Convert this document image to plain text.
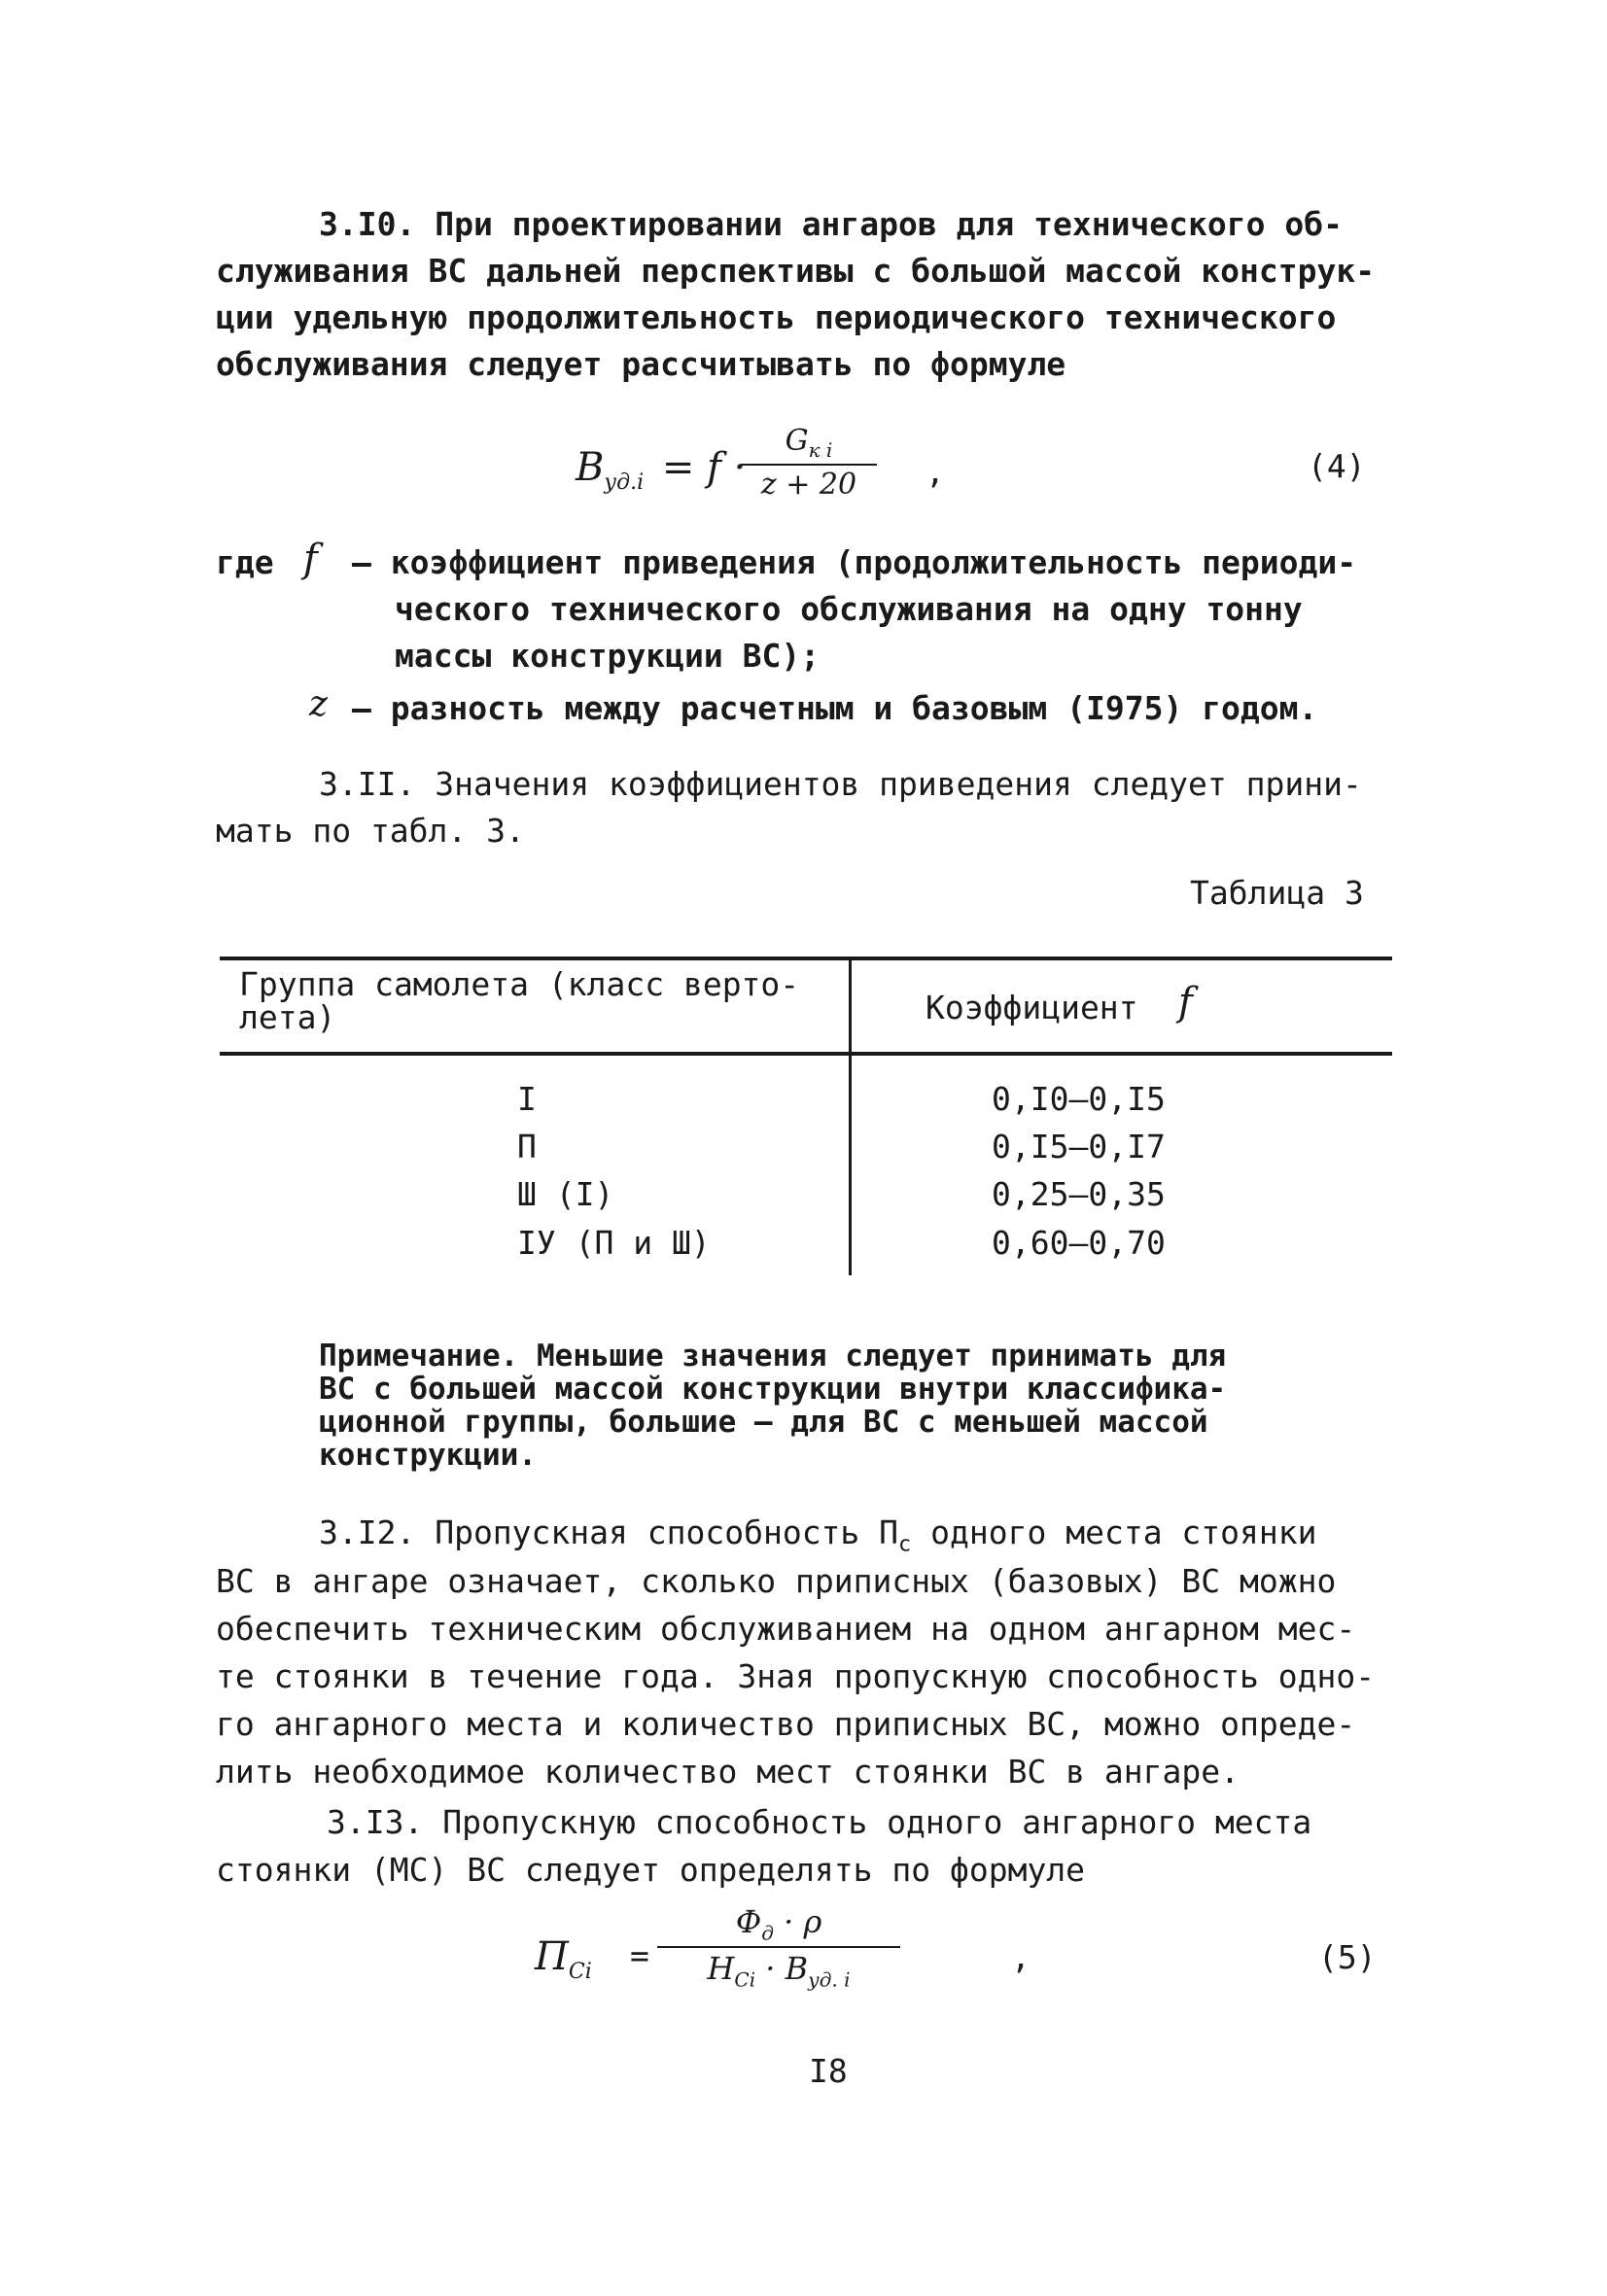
3.I0. При проектировании ангаров для технического об-
служивания ВС дальней перспективы с большой массой конструк-
ции удельную продолжительность периодического технического
обслуживания следует рассчитывать по формуле
$В_{уд.i} = f$ ·
$G_{к i}$
z + 20	,	(4)
где f – коэффициент приведения (продолжительность периоди-
ческого технического обслуживания на одну тонну
массы конструкции ВС);
z – разность между расчетным и базовым (I975) годом.
3.II. Значения коэффициентов приведения следует прини-
мать по табл. 3.
Таблица 3
Группа самолета (класс верто-
лета)	Коэффициент f
I	0,I0–0,I5
П	0,I5–0,I7
Ш (I)	0,25–0,35
IУ (П и Ш)	0,60–0,70
Примечание. Меньшие значения следует принимать для
ВС с большей массой конструкции внутри классифика-
ционной группы, большие – для ВС с меньшей массой
конструкции.
3.I2. Пропускная способность $П_с$ одного места стоянки
ВС в ангаре означает, сколько приписных (базовых) ВС можно
обеспечить техническим обслуживанием на одном ангарном мес-
те стоянки в течение года. Зная пропускную способность одно-
го ангарного места и количество приписных ВС, можно опреде-
лить необходимое количество мест стоянки ВС в ангаре.
3.I3. Пропускную способность одного ангарного места
стоянки (МС) ВС следует определять по формуле
$П_{Сi}$ =
$Ф_д \cdot \rho$
$Н_{Сi} \cdot В_{уд. i}$
,	(5)
I8
